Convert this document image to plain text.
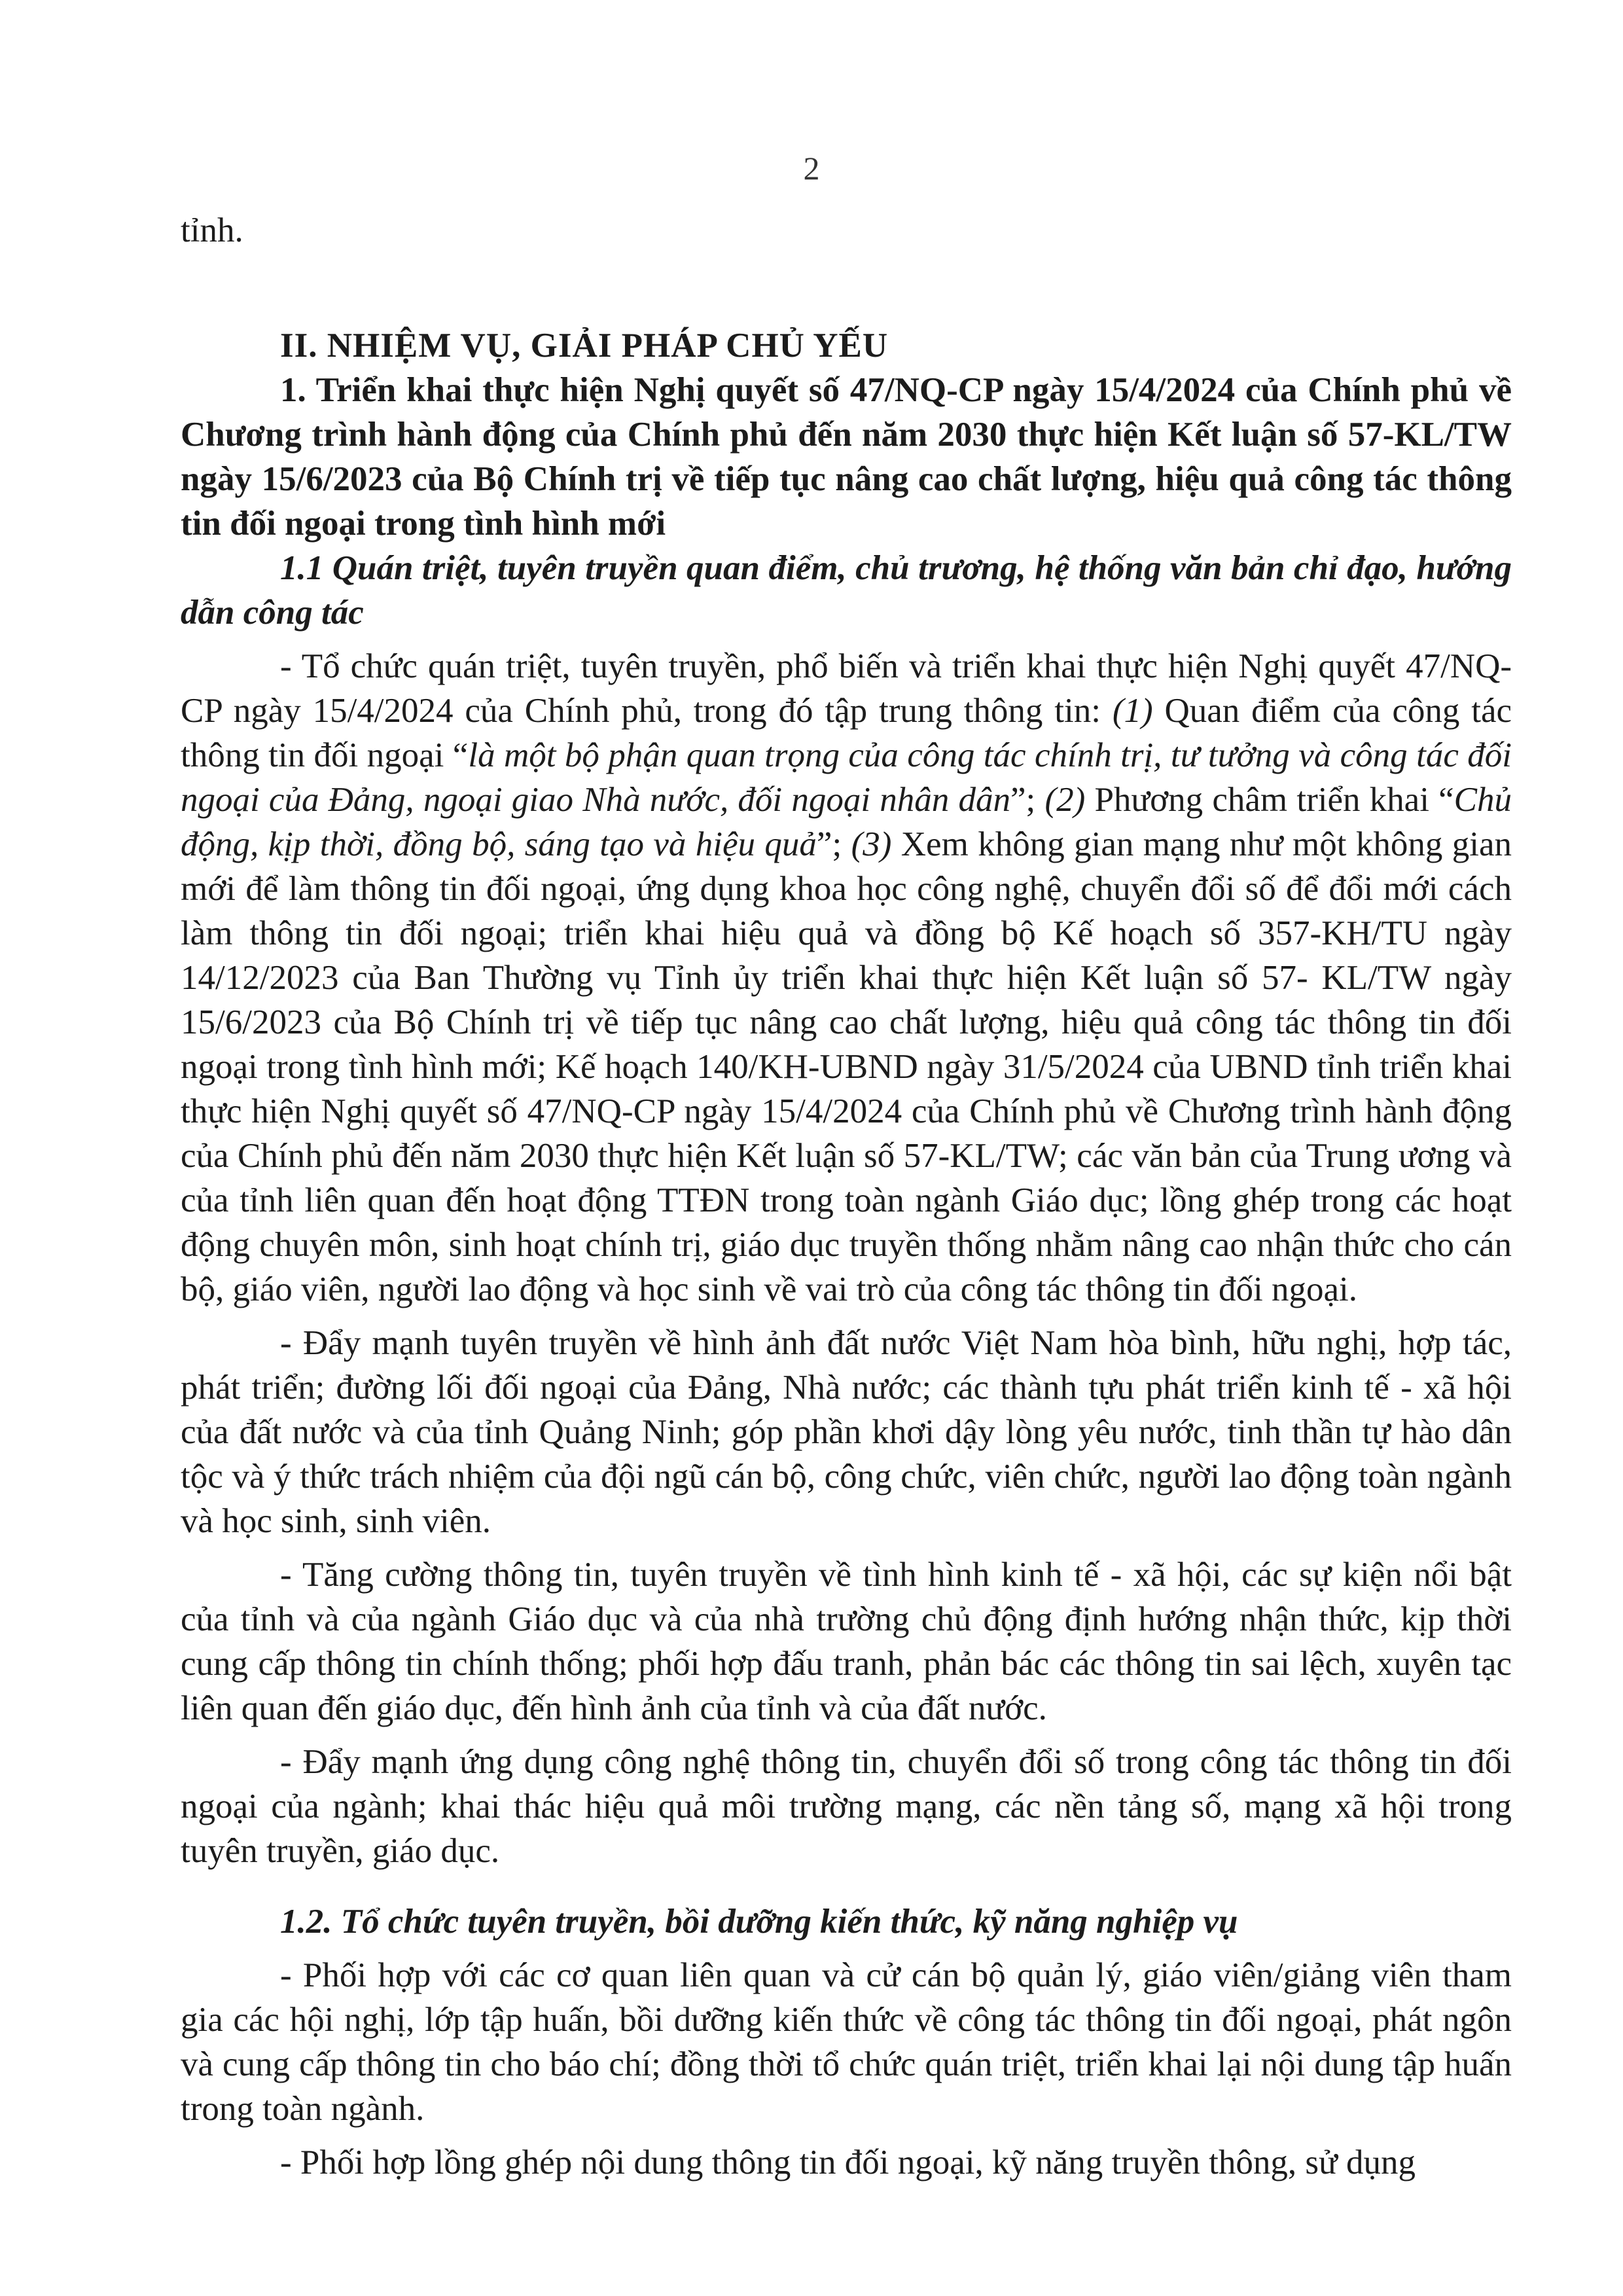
2

tỉnh.

II. NHIỆM VỤ, GIẢI PHÁP CHỦ YẾU

1. Triển khai thực hiện Nghị quyết số 47/NQ-CP ngày 15/4/2024 của Chính phủ về Chương trình hành động của Chính phủ đến năm 2030 thực hiện Kết luận số 57-KL/TW ngày 15/6/2023 của Bộ Chính trị về tiếp tục nâng cao chất lượng, hiệu quả công tác thông tin đối ngoại trong tình hình mới

1.1 Quán triệt, tuyên truyền quan điểm, chủ trương, hệ thống văn bản chỉ đạo, hướng dẫn công tác

- Tổ chức quán triệt, tuyên truyền, phổ biến và triển khai thực hiện Nghị quyết 47/NQ-CP ngày 15/4/2024 của Chính phủ, trong đó tập trung thông tin: (1) Quan điểm của công tác thông tin đối ngoại “là một bộ phận quan trọng của công tác chính trị, tư tưởng và công tác đối ngoại của Đảng, ngoại giao Nhà nước, đối ngoại nhân dân”; (2) Phương châm triển khai “Chủ động, kịp thời, đồng bộ, sáng tạo và hiệu quả”; (3) Xem không gian mạng như một không gian mới để làm thông tin đối ngoại, ứng dụng khoa học công nghệ, chuyển đổi số để đổi mới cách làm thông tin đối ngoại; triển khai hiệu quả và đồng bộ Kế hoạch số 357-KH/TU ngày 14/12/2023 của Ban Thường vụ Tỉnh ủy triển khai thực hiện Kết luận số 57- KL/TW ngày 15/6/2023 của Bộ Chính trị về tiếp tục nâng cao chất lượng, hiệu quả công tác thông tin đối ngoại trong tình hình mới; Kế hoạch 140/KH-UBND ngày 31/5/2024 của UBND tỉnh triển khai thực hiện Nghị quyết số 47/NQ-CP ngày 15/4/2024 của Chính phủ về Chương trình hành động của Chính phủ đến năm 2030 thực hiện Kết luận số 57-KL/TW; các văn bản của Trung ương và của tỉnh liên quan đến hoạt động TTĐN trong toàn ngành Giáo dục; lồng ghép trong các hoạt động chuyên môn, sinh hoạt chính trị, giáo dục truyền thống nhằm nâng cao nhận thức cho cán bộ, giáo viên, người lao động và học sinh về vai trò của công tác thông tin đối ngoại.

- Đẩy mạnh tuyên truyền về hình ảnh đất nước Việt Nam hòa bình, hữu nghị, hợp tác, phát triển; đường lối đối ngoại của Đảng, Nhà nước; các thành tựu phát triển kinh tế - xã hội của đất nước và của tỉnh Quảng Ninh; góp phần khơi dậy lòng yêu nước, tinh thần tự hào dân tộc và ý thức trách nhiệm của đội ngũ cán bộ, công chức, viên chức, người lao động toàn ngành và học sinh, sinh viên.

- Tăng cường thông tin, tuyên truyền về tình hình kinh tế - xã hội, các sự kiện nổi bật của tỉnh và của ngành Giáo dục và của nhà trường chủ động định hướng nhận thức, kịp thời cung cấp thông tin chính thống; phối hợp đấu tranh, phản bác các thông tin sai lệch, xuyên tạc liên quan đến giáo dục, đến hình ảnh của tỉnh và của đất nước.

- Đẩy mạnh ứng dụng công nghệ thông tin, chuyển đổi số trong công tác thông tin đối ngoại của ngành; khai thác hiệu quả môi trường mạng, các nền tảng số, mạng xã hội trong tuyên truyền, giáo dục.

1.2. Tổ chức tuyên truyền, bồi dưỡng kiến thức, kỹ năng nghiệp vụ

- Phối hợp với các cơ quan liên quan và cử cán bộ quản lý, giáo viên/giảng viên tham gia các hội nghị, lớp tập huấn, bồi dưỡng kiến thức về công tác thông tin đối ngoại, phát ngôn và cung cấp thông tin cho báo chí; đồng thời tổ chức quán triệt, triển khai lại nội dung tập huấn trong toàn ngành.

- Phối hợp lồng ghép nội dung thông tin đối ngoại, kỹ năng truyền thông, sử dụng
